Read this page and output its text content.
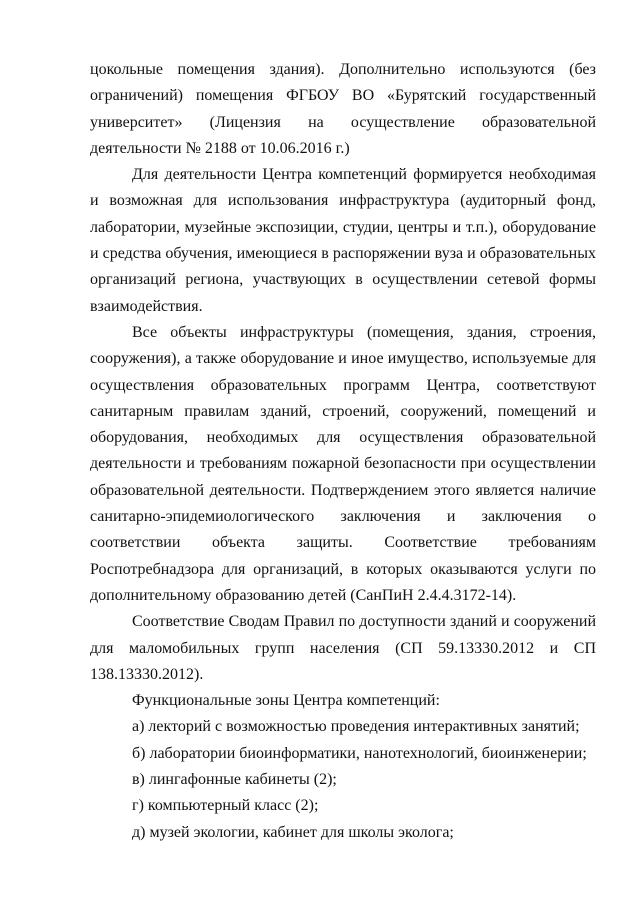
цокольные помещения здания). Дополнительно используются (без ограничений) помещения ФГБОУ ВО «Бурятский государственный университет» (Лицензия на осуществление образовательной деятельности № 2188 от 10.06.2016 г.)

Для деятельности Центра компетенций формируется необходимая и возможная для использования инфраструктура (аудиторный фонд, лаборатории, музейные экспозиции, студии, центры и т.п.), оборудование и средства обучения, имеющиеся в распоряжении вуза и образовательных организаций региона, участвующих в осуществлении сетевой формы взаимодействия.

Все объекты инфраструктуры (помещения, здания, строения, сооружения), а также оборудование и иное имущество, используемые для осуществления образовательных программ Центра, соответствуют санитарным правилам зданий, строений, сооружений, помещений и оборудования, необходимых для осуществления образовательной деятельности и требованиям пожарной безопасности при осуществлении образовательной деятельности. Подтверждением этого является наличие санитарно-эпидемиологического заключения и заключения о соответствии объекта защиты. Соответствие требованиям Роспотребнадзора для организаций, в которых оказываются услуги по дополнительному образованию детей (СанПиН 2.4.4.3172-14).

Соответствие Сводам Правил по доступности зданий и сооружений для маломобильных групп населения (СП 59.13330.2012 и СП 138.13330.2012).

Функциональные зоны Центра компетенций:

а) лекторий с возможностью проведения интерактивных занятий;

б) лаборатории биоинформатики, нанотехнологий, биоинженерии;

в) лингафонные кабинеты (2);

г) компьютерный класс (2);

д) музей экологии, кабинет для школы эколога;
